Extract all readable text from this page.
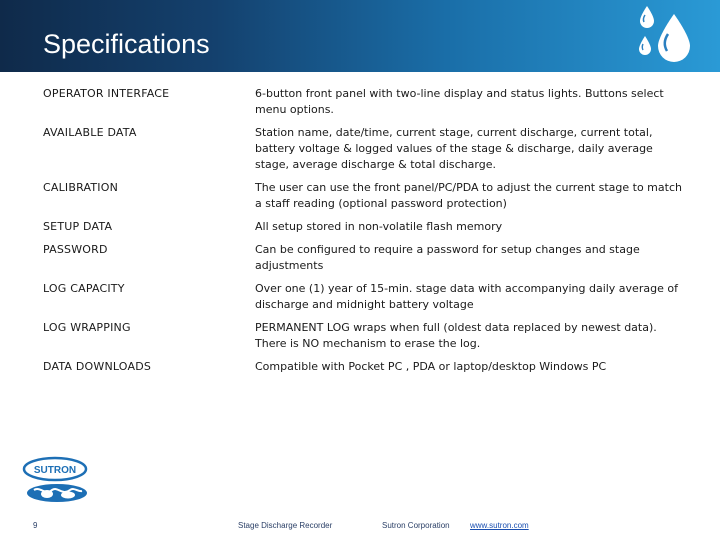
Specifications
OPERATOR INTERFACE	6-button front panel with two-line display and status lights. Buttons select menu options.
AVAILABLE DATA	Station name, date/time, current stage, current discharge, current total, battery voltage & logged values of the stage & discharge, daily average stage, average discharge & total discharge.
CALIBRATION	The user can use the front panel/PC/PDA to adjust the current stage to match a staff reading (optional password protection)
SETUP DATA	All setup stored in non-volatile flash memory
PASSWORD	Can be configured to require a password for setup changes and stage adjustments
LOG CAPACITY	Over one (1) year of 15-min. stage data with accompanying daily average of discharge and midnight battery voltage
LOG WRAPPING	PERMANENT LOG wraps when full (oldest data replaced by newest data). There is NO mechanism to erase the log.
DATA DOWNLOADS	Compatible with Pocket PC , PDA or laptop/desktop Windows PC
SUTRON
9	Stage Discharge Recorder	Sutron Corporation	www.sutron.com
